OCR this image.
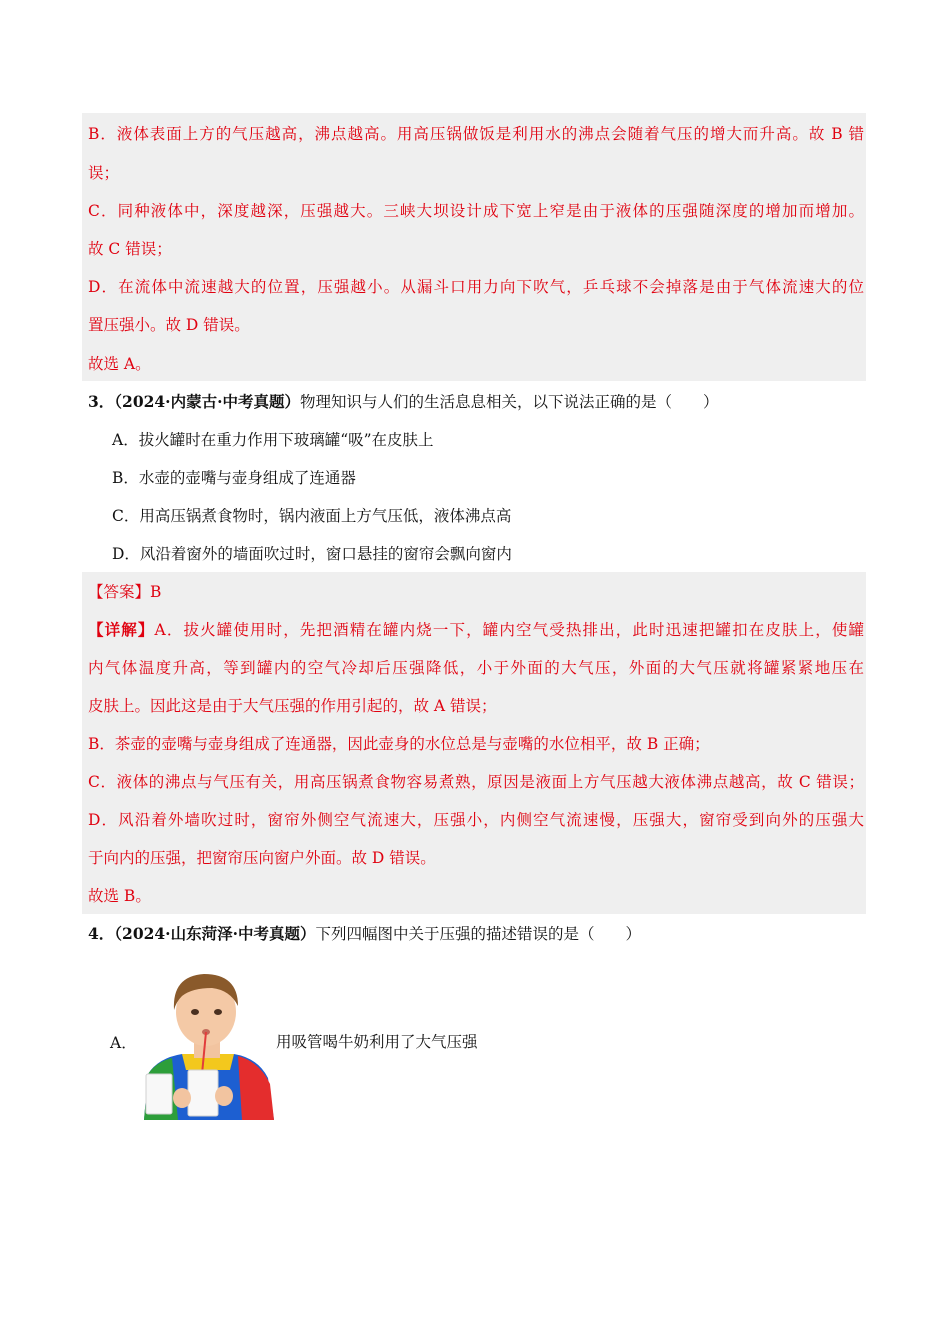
B．液体表面上方的气压越高，沸点越高。用高压锅做饭是利用水的沸点会随着气压的增大而升高。故 B 错
误；
C．同种液体中，深度越深，压强越大。三峡大坝设计成下宽上窄是由于液体的压强随深度的增加而增加。
故 C 错误；
D．在流体中流速越大的位置，压强越小。从漏斗口用力向下吹气，乒乓球不会掉落是由于气体流速大的位
置压强小。故 D 错误。
故选 A。
3．（2024·内蒙古·中考真题）物理知识与人们的生活息息相关，以下说法正确的是（　　）
A．拔火罐时在重力作用下玻璃罐“吸”在皮肤上
B．水壶的壶嘴与壶身组成了连通器
C．用高压锅煮食物时，锅内液面上方气压低，液体沸点高
D．风沿着窗外的墙面吹过时，窗口悬挂的窗帘会飘向窗内
【答案】B
【详解】A．拔火罐使用时，先把酒精在罐内烧一下，罐内空气受热排出，此时迅速把罐扣在皮肤上，使罐
内气体温度升高，等到罐内的空气冷却后压强降低，小于外面的大气压，外面的大气压就将罐紧紧地压在
皮肤上。因此这是由于大气压强的作用引起的，故 A 错误；
B．茶壶的壶嘴与壶身组成了连通器，因此壶身的水位总是与壶嘴的水位相平，故 B 正确；
C．液体的沸点与气压有关，用高压锅煮食物容易煮熟，原因是液面上方气压越大液体沸点越高，故 C 错误；
D．风沿着外墙吹过时，窗帘外侧空气流速大，压强小，内侧空气流速慢，压强大，窗帘受到向外的压强大
于向内的压强，把窗帘压向窗户外面。故 D 错误。
故选 B。
4．（2024·山东菏泽·中考真题）下列四幅图中关于压强的描述错误的是（　　）
A．	用吸管喝牛奶利用了大气压强
